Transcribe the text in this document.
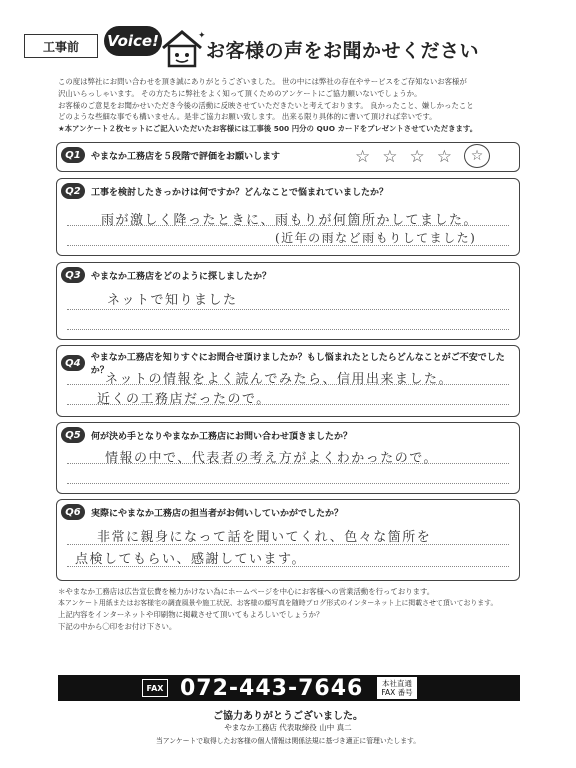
工事前	Voice!	✦
お客様の声をお聞かせください
この度は弊社にお問い合わせを頂き誠にありがとうございました。 世の中には弊社の存在やサービスをご存知ないお客様が
沢山いらっしゃいます。 その方たちに弊社をよく知って頂くためのアンケートにご協力願いないでしょうか。
お客様のご意見をお聞かせいただき今後の活動に反映させていただきたいと考えております。 良かったこと、嫌しかったこと
どのような些細な事でも構いません。是非ご協力お願い致します。 出来る限り具体的に書いて頂ければ幸いです。
★本アンケート２枚セットにご記入いただいたお客様には工事後 500 円分の QUO カードをプレゼントさせていただきます。
Q1	やまなか工務店を５段階で評価をお願いします	☆ ☆ ☆ ☆	☆
Q2	工事を検討したきっかけは何ですか？どんなことで悩まれていましたか？
雨が激しく降ったときに、雨もりが何箇所かしてました。
(近年の雨など雨もりしてました)
Q3	やまなか工務店をどのように探しましたか？
ネットで知りました
Q4	やまなか工務店を知りすぐにお問合せ頂けましたか？もし悩まれたとしたらどんなことがご不安でしたか？
ネットの情報をよく読んでみたら、信用出来ました。
近くの工務店だったので。
Q5	何が決め手となりやまなか工務店にお問い合わせ頂きましたか？
情報の中で、代表者の考え方がよくわかったので。
Q6	実際にやまなか工務店の担当者がお伺いしていかがでしたか？
非常に親身になって話を聞いてくれ、色々な箇所を
点検してもらい、感謝しています。
＊やまなか工務店は広告宣伝費を極力かけない為にホームページを中心にお客様への営業活動を行っております。
本アンケート用紙またはお客様宅の調査風景や施工状況、お客様の顔写真を随時ブログ形式のインターネット上に掲載させて頂いております。
上記内容をインターネットや印刷物に掲載させて頂いてもよろしいでしょうか？
下記の中から〇印をお付け下さい。
FAX 072-443-7646 本社直通
FAX 番号
ご協力ありがとうございました。
やまなか工務店 代表取締役 山中 真二
当アンケートで取得したお客様の個人情報は関係法規に基づき適正に管理いたします。
